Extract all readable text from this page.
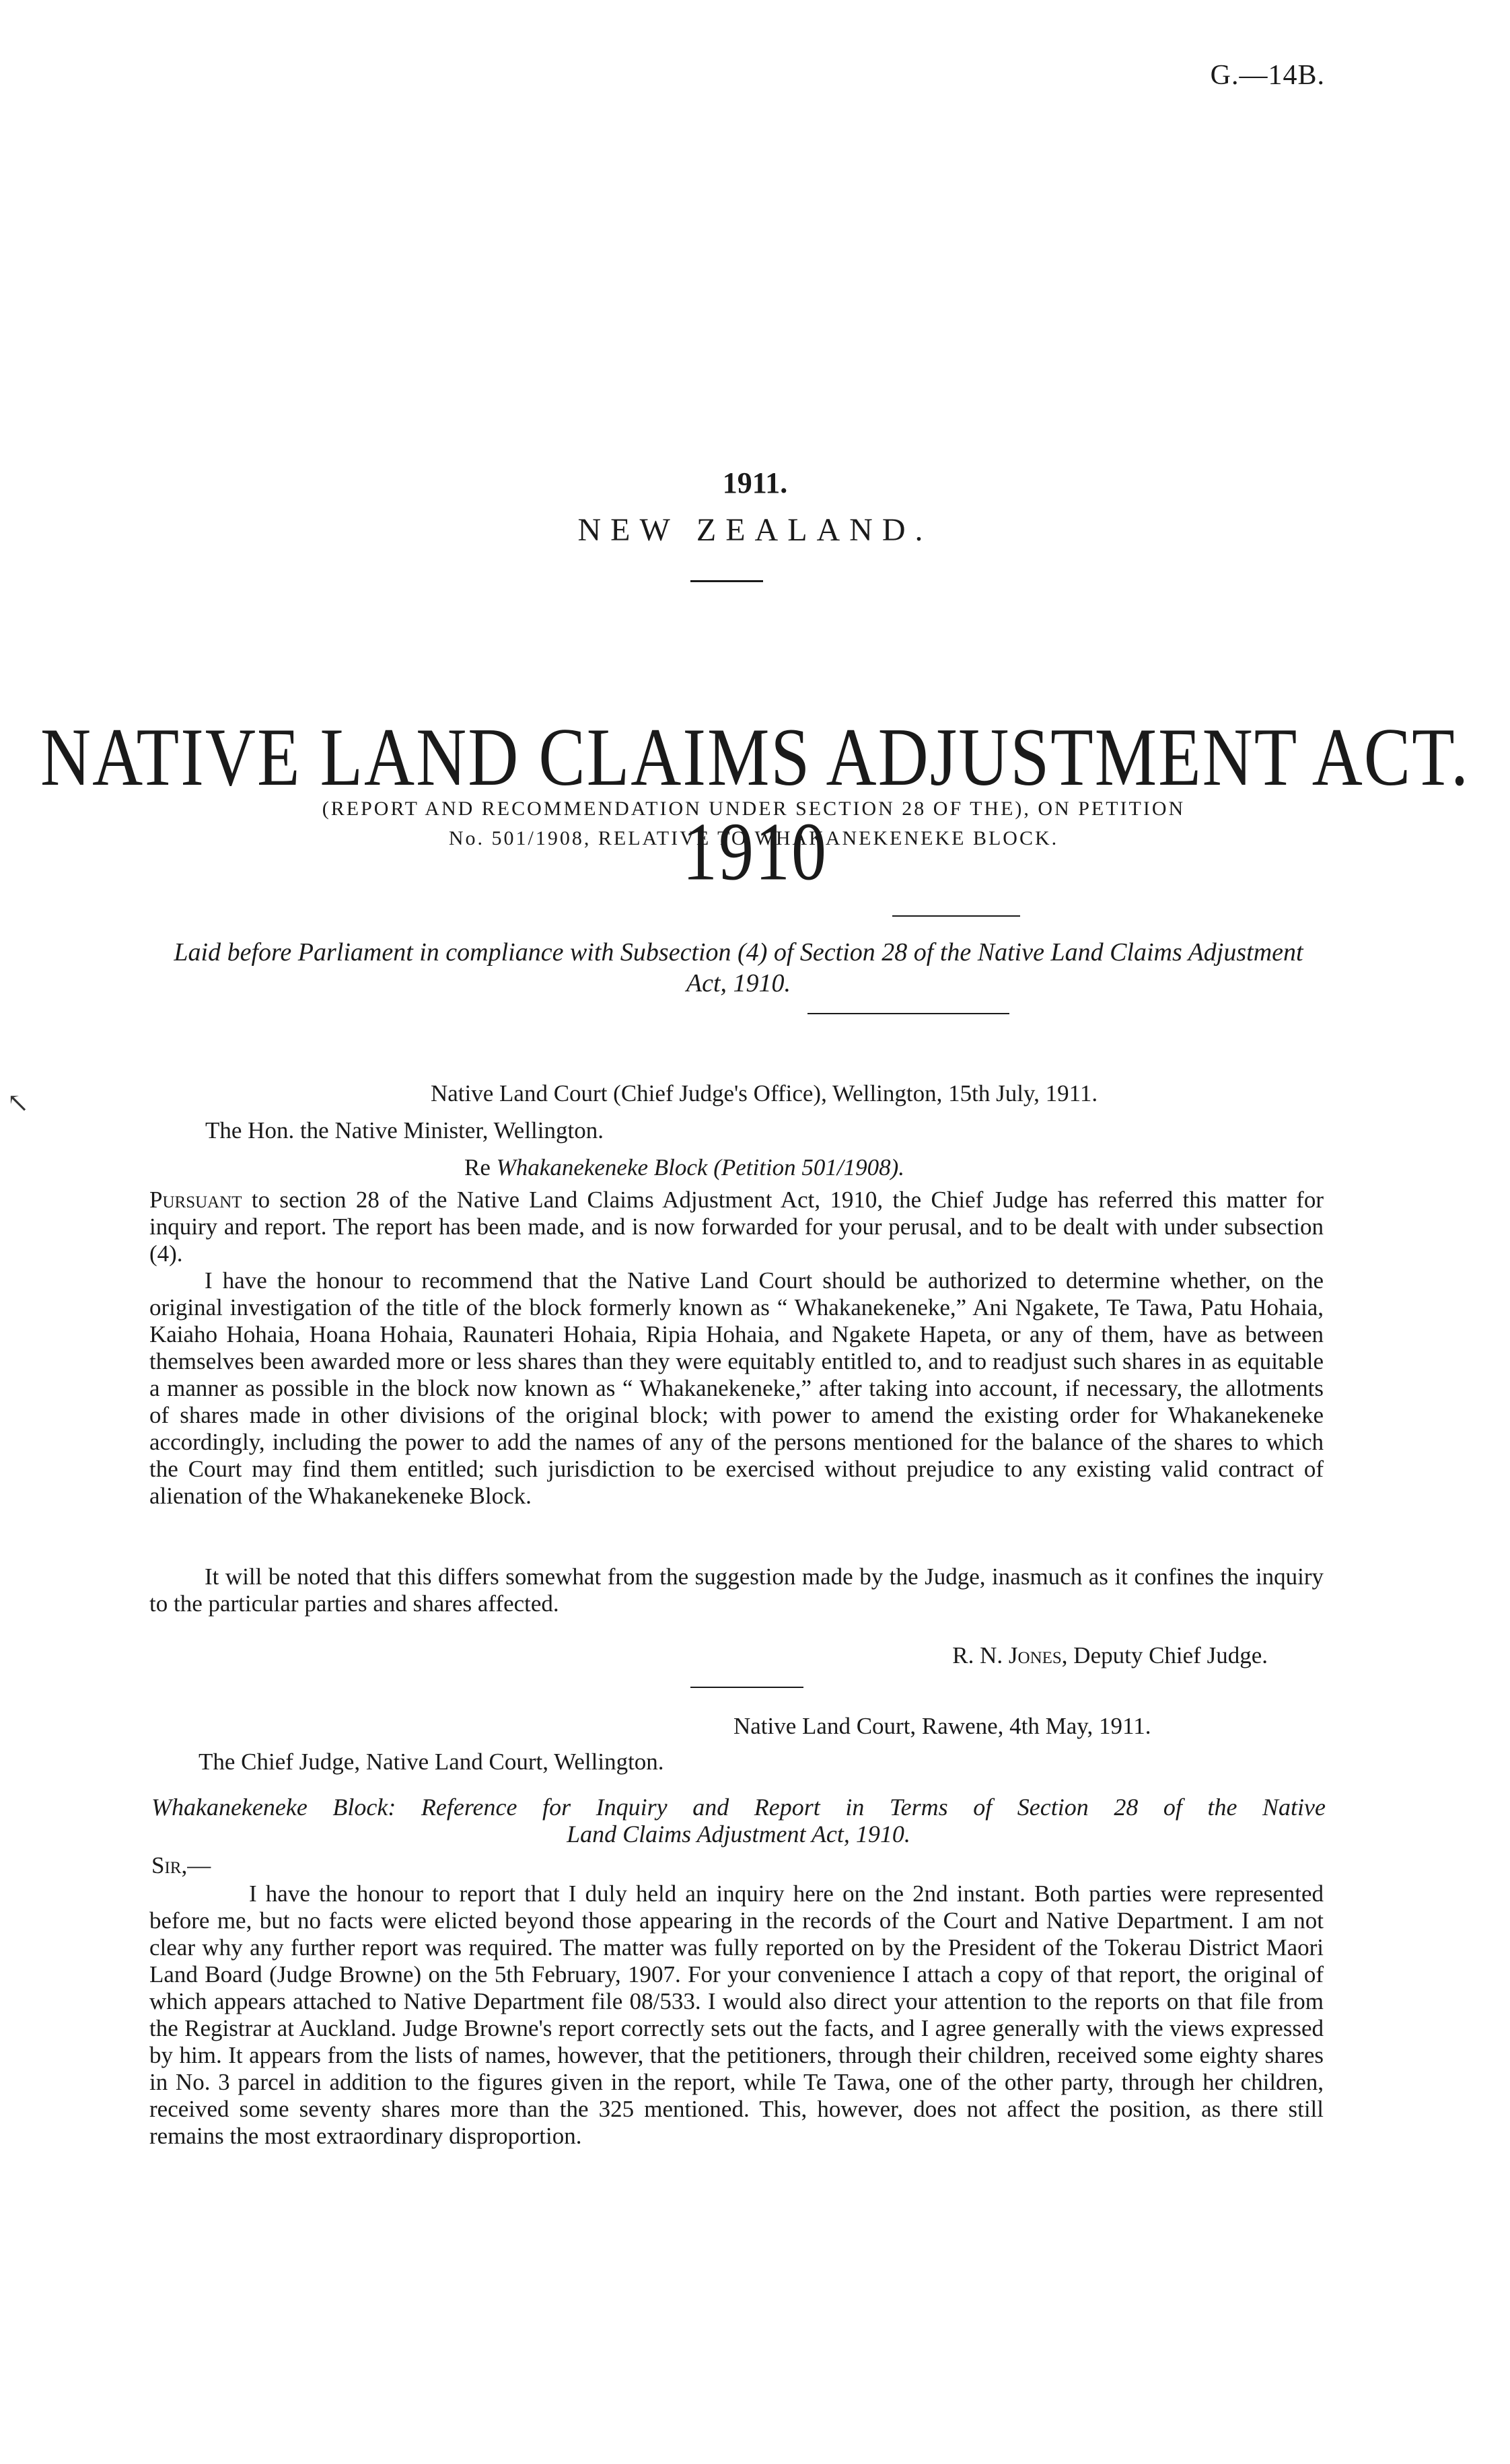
G.—14B.
1911.
NEW ZEALAND.
NATIVE LAND CLAIMS ADJUSTMENT ACT. 1910
(REPORT AND RECOMMENDATION UNDER SECTION 28 OF THE), ON PETITION
No. 501/1908, RELATIVE TO WHAKANEKENEKE BLOCK.
Laid before Parliament in compliance with Subsection (4) of Section 28 of the Native Land Claims Adjustment Act, 1910.
↖	Native Land Court (Chief Judge's Office), Wellington, 15th July, 1911.
The Hon. the Native Minister, Wellington.
Re Whakanekeneke Block (Petition 501/1908).
Pursuant to section 28 of the Native Land Claims Adjustment Act, 1910, the Chief Judge has referred this matter for inquiry and report. The report has been made, and is now forwarded for your perusal, and to be dealt with under subsection (4).
I have the honour to recommend that the Native Land Court should be authorized to determine whether, on the original investigation of the title of the block formerly known as “ Whakanekeneke,” Ani Ngakete, Te Tawa, Patu Hohaia, Kaiaho Hohaia, Hoana Hohaia, Raunateri Hohaia, Ripia Hohaia, and Ngakete Hapeta, or any of them, have as between themselves been awarded more or less shares than they were equitably entitled to, and to readjust such shares in as equitable a manner as possible in the block now known as “ Whakanekeneke,” after taking into account, if necessary, the allotments of shares made in other divisions of the original block; with power to amend the existing order for Whakanekeneke accordingly, including the power to add the names of any of the persons mentioned for the balance of the shares to which the Court may find them entitled; such jurisdiction to be exercised without prejudice to any existing valid contract of alienation of the Whakanekeneke Block.
It will be noted that this differs somewhat from the suggestion made by the Judge, inasmuch as it confines the inquiry to the particular parties and shares affected.
R. N. Jones, Deputy Chief Judge.
Native Land Court, Rawene, 4th May, 1911.
The Chief Judge, Native Land Court, Wellington.
Whakanekeneke Block: Reference for Inquiry and Report in Terms of Section 28 of the Native
Land Claims Adjustment Act, 1910.
Sir,—
I have the honour to report that I duly held an inquiry here on the 2nd instant. Both parties were represented before me, but no facts were elicted beyond those appearing in the records of the Court and Native Department. I am not clear why any further report was required. The matter was fully reported on by the President of the Tokerau District Maori Land Board (Judge Browne) on the 5th February, 1907. For your convenience I attach a copy of that report, the original of which appears attached to Native Department file 08/533. I would also direct your attention to the reports on that file from the Registrar at Auckland. Judge Browne's report correctly sets out the facts, and I agree generally with the views expressed by him. It appears from the lists of names, however, that the petitioners, through their children, received some eighty shares in No. 3 parcel in addition to the figures given in the report, while Te Tawa, one of the other party, through her children, received some seventy shares more than the 325 mentioned. This, however, does not affect the position, as there still remains the most extraordinary disproportion.
